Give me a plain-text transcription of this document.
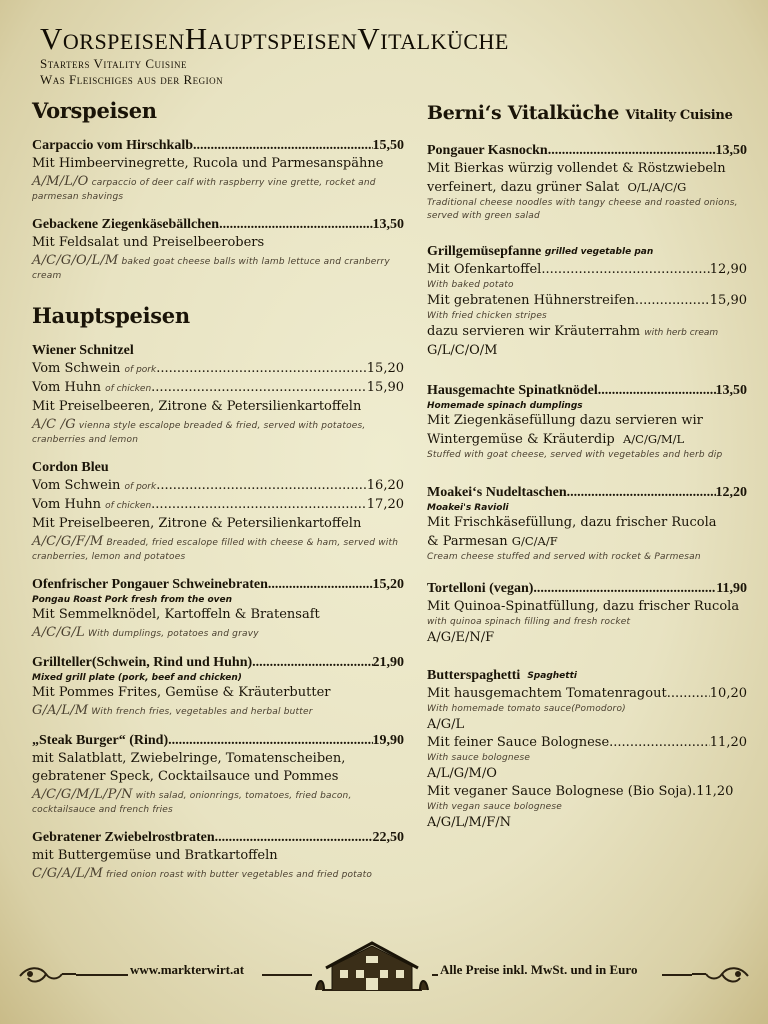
VorspeisenHauptspeisenVitalküche
Starters Vitality Cuisine
Was Fleischiges aus der Region
Vorspeisen
Carpaccio vom Hirschkalb .....	15,50
Mit Himbeervinegrette, Rucola und Parmesanspähne
A/M/L/O carpaccio of deer calf with raspberry vine grette, rocket and parmesan shavings
Gebackene Ziegenkäsebällchen .....	13,50
Mit Feldsalat und Preiselbeerobers
A/C/G/O/L/M baked goat cheese balls with lamb lettuce and cranberry cream
Hauptspeisen
Wiener Schnitzel
Vom Schwein of pork .....	15,20
Vom Huhn of chicken .....	15,90
Mit Preiselbeeren, Zitrone & Petersilienkartoffeln
A/C /G vienna style escalope breaded & fried, served with potatoes, cranberries and lemon
Cordon Bleu
Vom Schwein of pork .....	16,20
Vom Huhn of chicken .....	17,20
Mit Preiselbeeren, Zitrone & Petersilienkartoffeln
A/C/G/F/M Breaded, fried escalope filled with cheese & ham, served with cranberries, lemon and potatoes
Ofenfrischer Pongauer Schweinebraten .....	15,20
Pongau Roast Pork fresh from the oven
Mit Semmelknödel, Kartoffeln & Bratensaft
A/C/G/L With dumplings, potatoes and gravy
Grillteller(Schwein, Rind und Huhn) .....	21,90
Mixed grill plate (pork, beef and chicken)
Mit Pommes Frites, Gemüse & Kräuterbutter
G/A/L/M With french fries, vegetables and herbal butter
„Steak Burger“ (Rind) .....	19,90
mit Salatblatt, Zwiebelringe, Tomatenscheiben,
gebratener Speck, Cocktailsauce und Pommes
A/C/G/M/L/P/N with salad, onionrings, tomatoes, fried bacon, cocktailsauce and french fries
Gebratener Zwiebelrostbraten .....	22,50
mit Buttergemüse und Bratkartoffeln
C/G/A/L/M fried onion roast with butter vegetables and fried potato
Berni‘s Vitalküche Vitality Cuisine
Pongauer Kasnockn .....	13,50
Mit Bierkas würzig vollendet & Röstzwiebeln
verfeinert, dazu grüner Salat O/L/A/C/G
Traditional cheese noodles with tangy cheese and roasted onions, served with green salad
Grillgemüsepfanne
grilled vegetable pan
Mit Ofenkartoffel .....	12,90
With baked potato
Mit gebratenen Hühnerstreifen .....	15,90
With fried chicken stripes
dazu servieren wir Kräuterrahm with herb cream
G/L/C/O/M
Hausgemachte Spinatknödel .....	13,50
Homemade spinach dumplings
Mit Ziegenkäsefüllung dazu servieren wir
Wintergemüse & Kräuterdip A/C/G/M/L
Stuffed with goat cheese, served with vegetables and herb dip
Moakei‘s Nudeltaschen .....	12,20
Moakei's Ravioli
Mit Frischkäsefüllung, dazu frischer Rucola
& Parmesan G/C/A/F
Cream cheese stuffed and served with rocket & Parmesan
Tortelloni (vegan) .....	11,90
Mit Quinoa-Spinatfüllung, dazu frischer Rucola
with quinoa spinach filling and fresh rocket
A/G/E/N/F
Butterspaghetti
Spaghetti
Mit hausgemachtem Tomatenragout .....	10,20
With homemade tomato sauce(Pomodoro)
A/G/L
Mit feiner Sauce Bolognese .....	11,20
With sauce bolognese
A/L/G/M/O
Mit veganer Sauce Bolognese (Bio Soja). 11,20
With vegan sauce bolognese
A/G/L/M/F/N
www.markterwirt.at	Alle Preise inkl. MwSt. und in Euro
